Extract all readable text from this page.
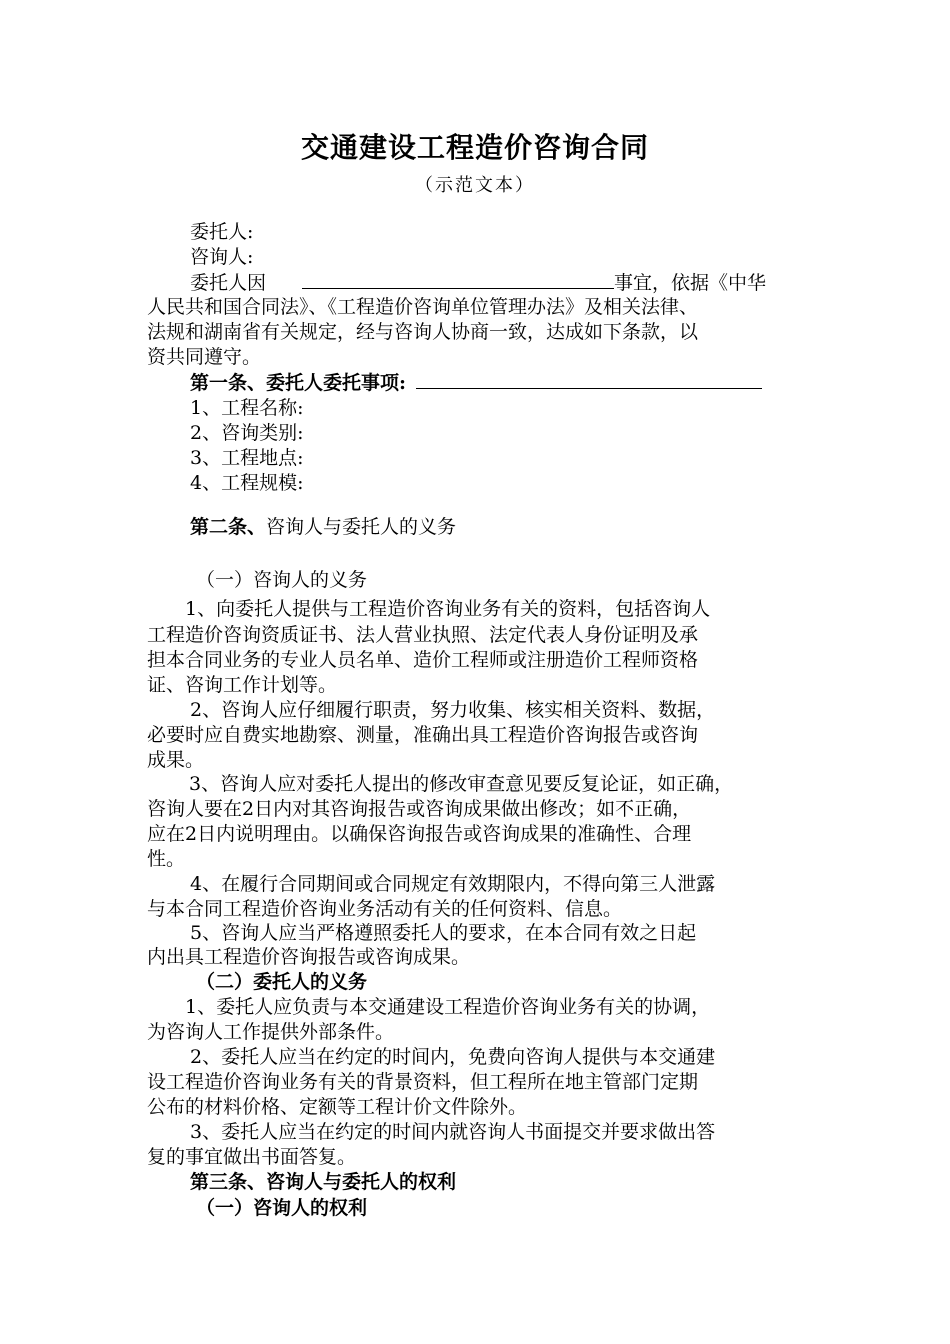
交通建设工程造价咨询合同
（示范文本）
委托人:
咨询人:
委托人因	事宜，依据《中华
人民共和国合同法》、《工程造价咨询单位管理办法》及相关法律、
法规和湖南省有关规定，经与咨询人协商一致，达成如下条款，以
资共同遵守。
第一条、委托人委托事项:
1、工程名称:
2、咨询类别:
3、工程地点:
4、工程规模:
第二条、咨询人与委托人的义务
（一）咨询人的义务
1、向委托人提供与工程造价咨询业务有关的资料，包括咨询人
工程造价咨询资质证书、法人营业执照、法定代表人身份证明及承
担本合同业务的专业人员名单、造价工程师或注册造价工程师资格
证、咨询工作计划等。
2、咨询人应仔细履行职责，努力收集、核实相关资料、数据，
必要时应自费实地勘察、测量，准确出具工程造价咨询报告或咨询
成果。
3、咨询人应对委托人提出的修改审查意见要反复论证，如正确，
咨询人要在2日内对其咨询报告或咨询成果做出修改；如不正确，
应在2日内说明理由。以确保咨询报告或咨询成果的准确性、合理
性。
4、在履行合同期间或合同规定有效期限内，不得向第三人泄露
与本合同工程造价咨询业务活动有关的任何资料、信息。
5、咨询人应当严格遵照委托人的要求，在本合同有效之日起
内出具工程造价咨询报告或咨询成果。
（二）委托人的义务
1、委托人应负责与本交通建设工程造价咨询业务有关的协调，
为咨询人工作提供外部条件。
2、委托人应当在约定的时间内，免费向咨询人提供与本交通建
设工程造价咨询业务有关的背景资料，但工程所在地主管部门定期
公布的材料价格、定额等工程计价文件除外。
3、委托人应当在约定的时间内就咨询人书面提交并要求做出答
复的事宜做出书面答复。
第三条、咨询人与委托人的权利
（一）咨询人的权利
